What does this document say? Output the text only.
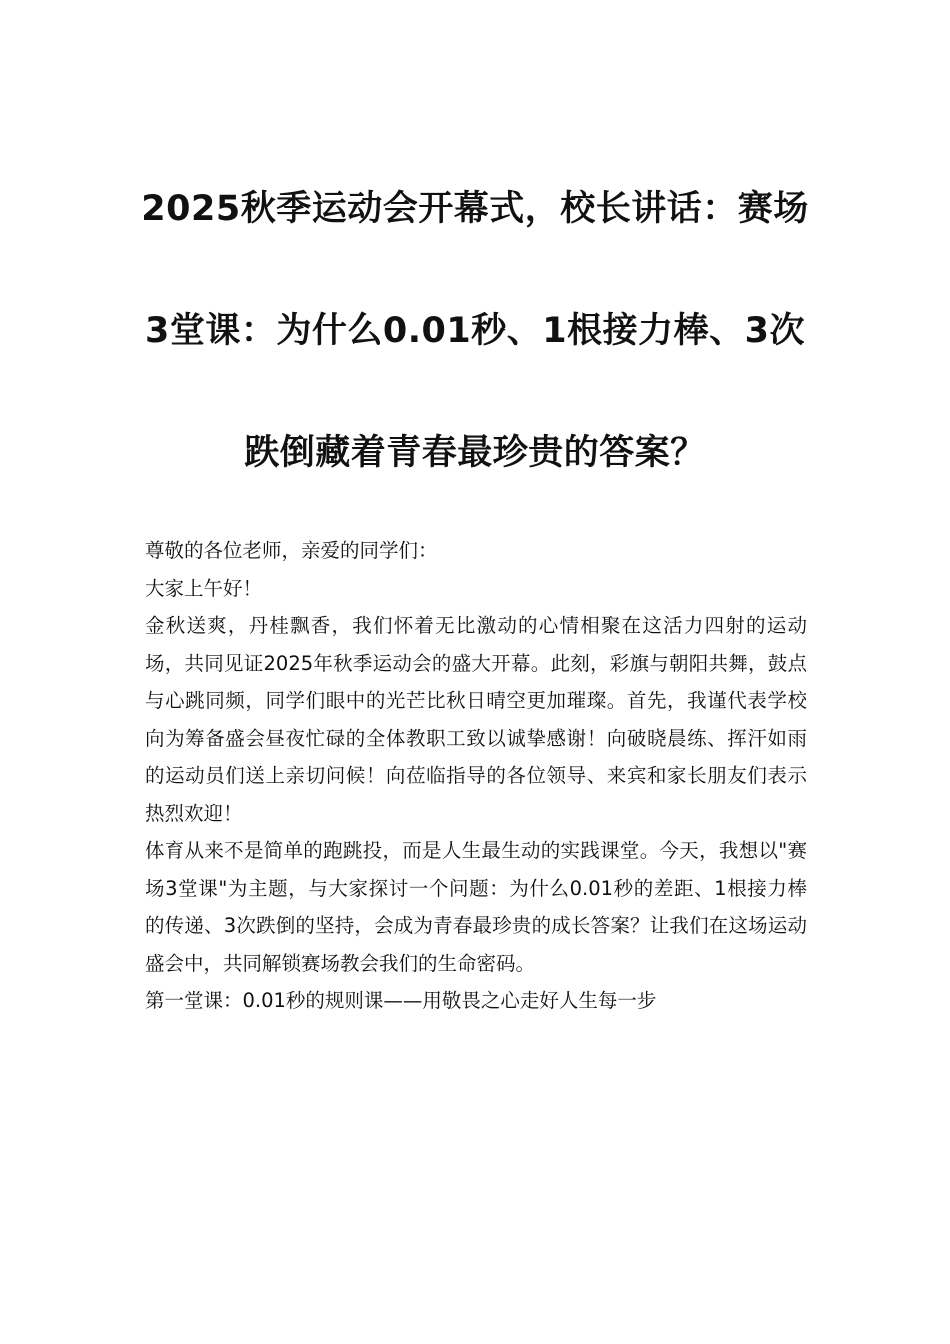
2025秋季运动会开幕式，校长讲话：赛场
3堂课：为什么0.01秒、1根接力棒、3次
跌倒藏着青春最珍贵的答案？

尊敬的各位老师，亲爱的同学们：

大家上午好！

金秋送爽，丹桂飘香，我们怀着无比激动的心情相聚在这活力四射的运动场，共同见证2025年秋季运动会的盛大开幕。此刻，彩旗与朝阳共舞，鼓点与心跳同频，同学们眼中的光芒比秋日晴空更加璀璨。首先，我谨代表学校向为筹备盛会昼夜忙碌的全体教职工致以诚挚感谢！向破晓晨练、挥汗如雨的运动员们送上亲切问候！向莅临指导的各位领导、来宾和家长朋友们表示热烈欢迎！

体育从来不是简单的跑跳投，而是人生最生动的实践课堂。今天，我想以"赛场3堂课"为主题，与大家探讨一个问题：为什么0.01秒的差距、1根接力棒的传递、3次跌倒的坚持，会成为青春最珍贵的成长答案？让我们在这场运动盛会中，共同解锁赛场教会我们的生命密码。

第一堂课：0.01秒的规则课——用敬畏之心走好人生每一步
